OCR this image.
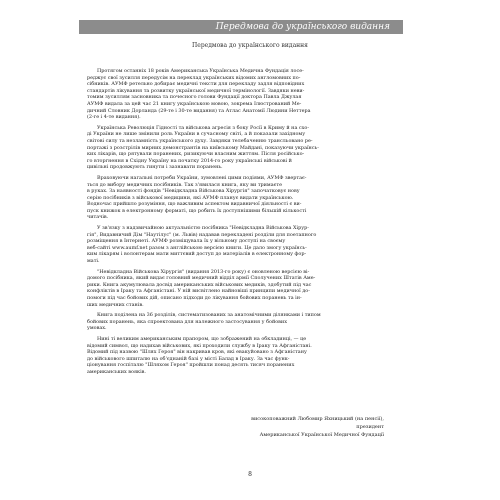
Передмова до українського видання
Передмова до українського видання
Протягом останніх 18 років Американська Українська Медична Фундація лосе-
реджує свої зусилля передусім на переклад українських відомих англомовних по-
сібників. АУМФ ретельно добирає медичні тексти для перекладу задля відповідних
стандартів лікування та розвитку української медичної термінології. Завдяки неви-
томим зусиллям засновника та почесного голови Фундації доктора Павла Джулая
АУМФ видала за цей час 21 книгу українською мовою, зокрема Ілюстрований Ме-
дичний Словник Дорланда (29-те і 30-те видання) та Атлас Анатомії Людини Неттера
(2-ге і 4-те видання).
Українська Революція Гідності та військова агресія з боку Росії в Криму й на схо-
ді України не лише змінили роль України в сучасному світі, а й показали західному
світові силу та незламність українського духу. Завдяки телебаченню трансльовано ре-
портажі з розстрілів мирних демонстрантів на київському Майдані, показуючи українсь-
ких лікарів, що рятували поранених, ризикуючи власним життям. Після російсько-
го вторгнення в Східну Україну на початку 2014-го року українські військові й
цивільні продовжують гинути і зазнавати поранень.
Враховуючи нагальні потреби України, зумовлені цими подіями, АУМФ звертає-
ться до вибору медичних посібників. Так з'явилася книга, яку ви тримаєте
в руках. За наявності фондів "Невідкладна Військова Хірургія" започатковує нову
серію посібників з військової медицини, які АУМФ планує видати українською.
Водночас прийшло розуміння, що важливим аспектом видавничої діяльності є ви-
пуск книжок в електронному форматі, що робить їх доступнішими більшій кількості
читачів.
У зв'язку з надзвичайною актуальністю посібника "Невідкладна Військова Хірур-
гія", Видавничий Дім "Наутілус" (м. Львів) надавав перекладені розділи для поетапного
розміщення в Інтернеті. АУМФ розміщувала їх у вільному доступі на своєму
веб-сайті www.aumf.net разом з англійською версією книги. Це дало змогу українсь-
ким лікарям і волонтерам мати миттєвий доступ до матеріалів в електронному фор-
маті.
"Невідкладна Військова Хірургія" (видання 2013-го року) є оновленою версією ві-
домого посібника, який видає головний медичний відділ армії Сполучених Штатів Аме-
рики. Книга акумулювала досвід американських військових медиків, здобутий під час
конфліктів в Іраку та Афганістані. У ній висвітлено найновіші принципи медичної до-
помоги під час бойових дій, описано підходи до лікування бойових поранень та ін-
ших медичних станів.
Книга поділена на 36 розділів, систематизованих за анатомічними ділянками і типом
бойових поранень, яка спроектована для належного застосування у бойових
умовах.
Нині ті великим американським прапором, що зображений на обкладинці, — це
відомий символ, що надихав військових, які проходили службу в Іраку та Афганістані.
Відомий під назвою "Шлях Героя" він накривав кров, які евакуйовано з Афганістану
до військового шпиталю на об'єднаній базі у місті Балад в Іраку. За час функ-
ціонування госпіталю "Шляхом Героя" пройшли понад десять тисяч поранених
американських вояків.
високоповажний Любомир Яхницький (на пенсії),
президент
Американської Української Медичної Фундації
8
